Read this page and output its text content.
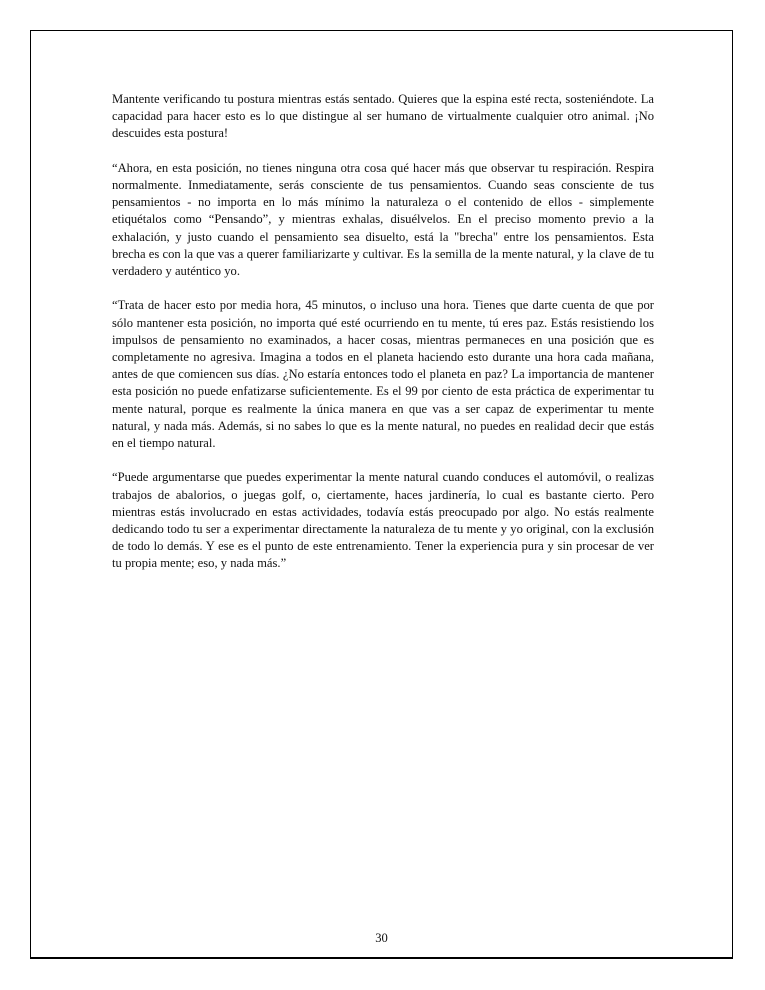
Mantente verificando tu postura mientras estás sentado. Quieres que la espina esté recta, sosteniéndote. La capacidad para hacer esto es lo que distingue al ser humano de virtualmente cualquier otro animal. ¡No descuides esta postura!

“Ahora, en esta posición, no tienes ninguna otra cosa qué hacer más que observar tu respiración. Respira normalmente. Inmediatamente, serás consciente de tus pensamientos. Cuando seas consciente de tus pensamientos - no importa en lo más mínimo la naturaleza o el contenido de ellos - simplemente etiquétalos como “Pensando”, y mientras exhalas, disuélvelos. En el preciso momento previo a la exhalación, y justo cuando el pensamiento sea disuelto, está la "brecha" entre los pensamientos. Esta brecha es con la que vas a querer familiarizarte y cultivar. Es la semilla de la mente natural, y la clave de tu verdadero y auténtico yo.

“Trata de hacer esto por media hora, 45 minutos, o incluso una hora. Tienes que darte cuenta de que por sólo mantener esta posición, no importa qué esté ocurriendo en tu mente, tú eres paz. Estás resistiendo los impulsos de pensamiento no examinados, a hacer cosas, mientras permaneces en una posición que es completamente no agresiva. Imagina a todos en el planeta haciendo esto durante una hora cada mañana, antes de que comiencen sus días. ¿No estaría entonces todo el planeta en paz? La importancia de mantener esta posición no puede enfatizarse suficientemente. Es el 99 por ciento de esta práctica de experimentar tu mente natural, porque es realmente la única manera en que vas a ser capaz de experimentar tu mente natural, y nada más. Además, si no sabes lo que es la mente natural, no puedes en realidad decir que estás en el tiempo natural.

“Puede argumentarse que puedes experimentar la mente natural cuando conduces el automóvil, o realizas trabajos de abalorios, o juegas golf, o, ciertamente, haces jardinería, lo cual es bastante cierto. Pero mientras estás involucrado en estas actividades, todavía estás preocupado por algo. No estás realmente dedicando todo tu ser a experimentar directamente la naturaleza de tu mente y yo original, con la exclusión de todo lo demás. Y ese es el punto de este entrenamiento. Tener la experiencia pura y sin procesar de ver tu propia mente; eso, y nada más.”

30
